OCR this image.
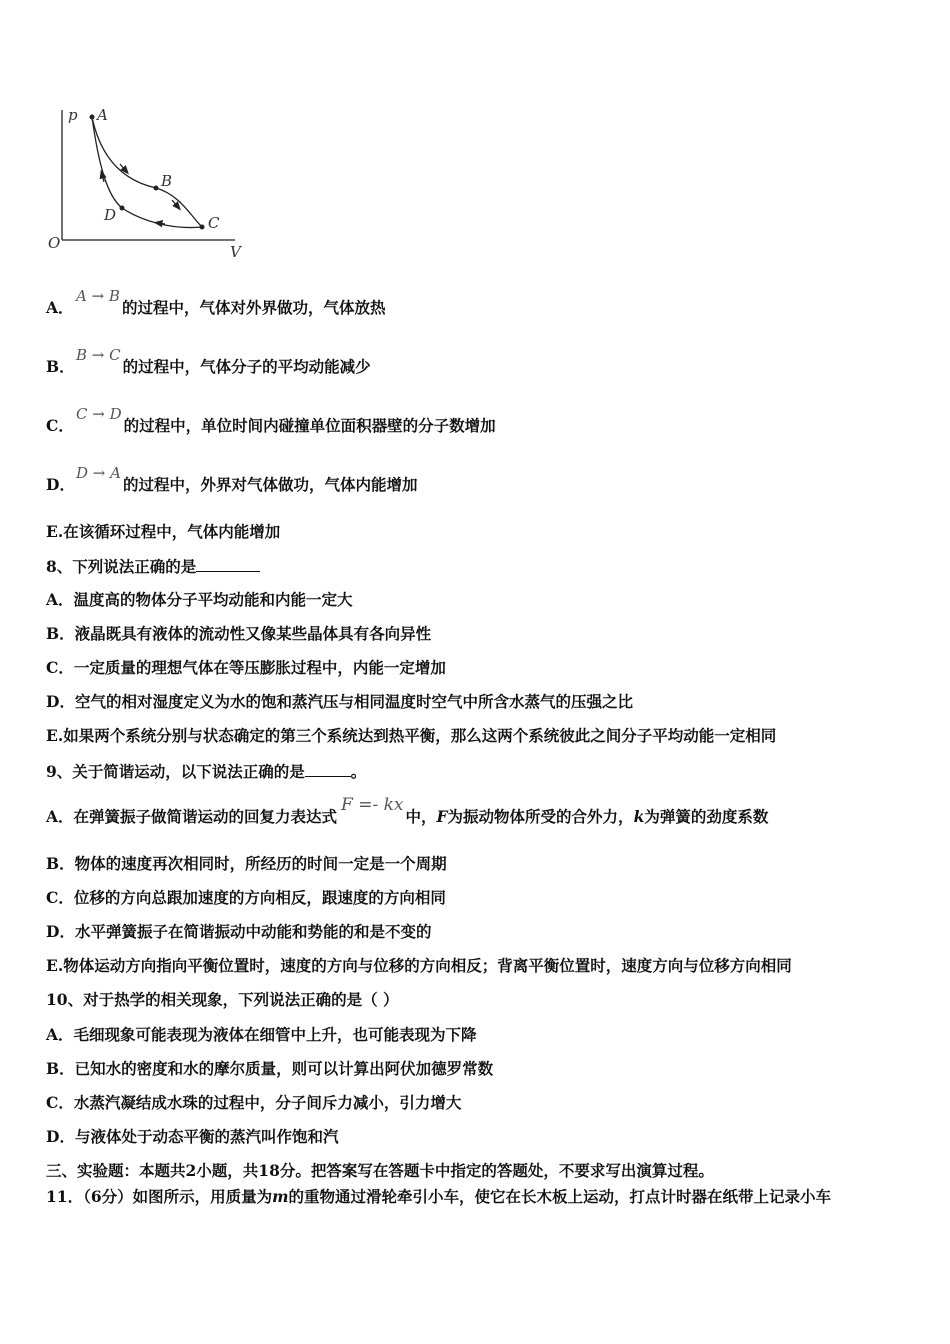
p A
B
D	C
O	V
A．A → B的过程中，气体对外界做功，气体放热
B．B → C的过程中，气体分子的平均动能减少
C．C → D的过程中，单位时间内碰撞单位面积器壁的分子数增加
D．D → A的过程中，外界对气体做功，气体内能增加
E.在该循环过程中，气体内能增加
8、下列说法正确的是
A．温度高的物体分子平均动能和内能一定大
B．液晶既具有液体的流动性又像某些晶体具有各向异性
C．一定质量的理想气体在等压膨胀过程中，内能一定增加
D．空气的相对湿度定义为水的饱和蒸汽压与相同温度时空气中所含水蒸气的压强之比
E.如果两个系统分别与状态确定的第三个系统达到热平衡，那么这两个系统彼此之间分子平均动能一定相同
9、关于简谐运动，以下说法正确的是	。
A．在弹簧振子做简谐运动的回复力表达式F =- kx中，F为振动物体所受的合外力，k为弹簧的劲度系数
B．物体的速度再次相同时，所经历的时间一定是一个周期
C．位移的方向总跟加速度的方向相反，跟速度的方向相同
D．水平弹簧振子在简谐振动中动能和势能的和是不变的
E.物体运动方向指向平衡位置时，速度的方向与位移的方向相反；背离平衡位置时，速度方向与位移方向相同
10、对于热学的相关现象，下列说法正确的是（ ）
A．毛细现象可能表现为液体在细管中上升，也可能表现为下降
B．已知水的密度和水的摩尔质量，则可以计算出阿伏加德罗常数
C．水蒸汽凝结成水珠的过程中，分子间斥力减小，引力增大
D．与液体处于动态平衡的蒸汽叫作饱和汽
三、实验题：本题共2小题，共18分。把答案写在答题卡中指定的答题处，不要求写出演算过程。
11．（6分）如图所示，用质量为m的重物通过滑轮牵引小车，使它在长木板上运动，打点计时器在纸带上记录小车
